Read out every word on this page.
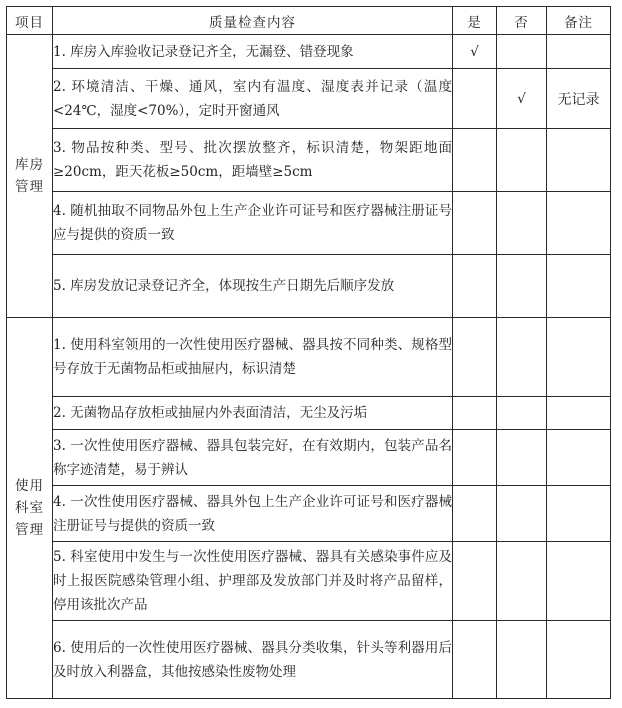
项目	质量检查内容	是	否	备注

库房
管理	1. 库房入库验收记录登记齐全，无漏登、错登现象	√		
	2. 环境清洁、干燥、通风，室内有温度、湿度表并记录（温度<24℃，湿度<70%），定时开窗通风		√	无记录
	3. 物品按种类、型号、批次摆放整齐，标识清楚，物架距地面≥20cm，距天花板≥50cm，距墙壁≥5cm			
	4. 随机抽取不同物品外包上生产企业许可证号和医疗器械注册证号应与提供的资质一致			
	5. 库房发放记录登记齐全，体现按生产日期先后顺序发放			

使用
科室
管理	1. 使用科室领用的一次性使用医疗器械、器具按不同种类、规格型号存放于无菌物品柜或抽屉内，标识清楚			
	2. 无菌物品存放柜或抽屉内外表面清洁，无尘及污垢			
	3. 一次性使用医疗器械、器具包装完好，在有效期内，包装产品名称字迹清楚，易于辨认			
	4. 一次性使用医疗器械、器具外包上生产企业许可证号和医疗器械注册证号与提供的资质一致			
	5. 科室使用中发生与一次性使用医疗器械、器具有关感染事件应及时上报医院感染管理小组、护理部及发放部门并及时将产品留样，停用该批次产品			
	6. 使用后的一次性使用医疗器械、器具分类收集，针头等利器用后及时放入利器盒，其他按感染性废物处理			
